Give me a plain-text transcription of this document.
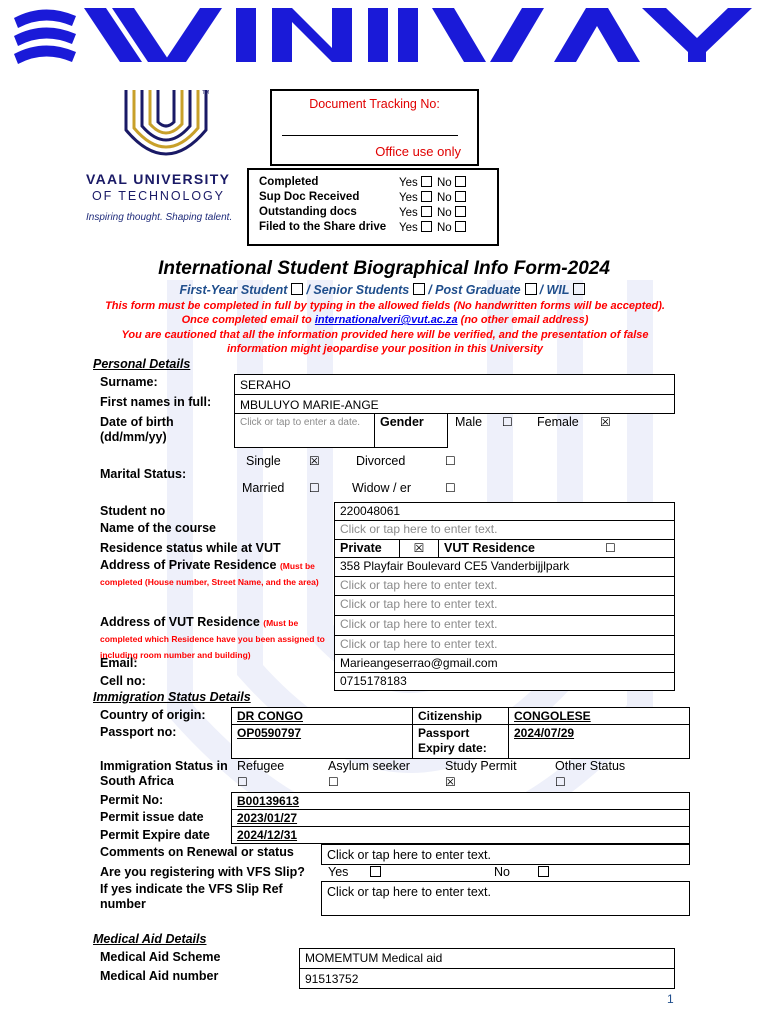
TM
VAAL UNIVERSITY
OF TECHNOLOGY
Inspiring thought. Shaping talent.
Document Tracking No:
Office use only
Completed	Yes	No
Sup Doc Received	Yes	No
Outstanding docs	Yes	No
Filed to the Share drive Yes	No
International Student Biographical Info Form-2024
First-Year Student / Senior Students / Post Graduate / WIL
This form must be completed in full by typing in the allowed fields (No handwritten forms will be accepted). Once completed email to internationalveri@vut.ac.za (no other email address)
You are cautioned that all the information provided here will be verified, and the presentation of false information might jeopardise your position in this University
Personal Details
Surname:	SERAHO
First names in full:	MBULUYO MARIE-ANGE
Date of birth (dd/mm/yy)
Click or tap to enter a date.	Gender	Male ☐ Female ☒
Marital Status:
Single ☒	Divorced	☐
Married ☐	Widow / er	☐
Student no	220048061
Name of the course	Click or tap here to enter text.
Residence status while at VUT	Private	☒	VUT Residence	☐
Address of Private Residence (Must be completed (House number, Street Name, and the area)
358 Playfair Boulevard CE5 Vanderbijjlpark
Click or tap here to enter text.
Click or tap here to enter text.
Address of VUT Residence (Must be completed which Residence have you been assigned to including room number and building)
Click or tap here to enter text.
Click or tap here to enter text.
Email:	Marieangeserrao@gmail.com
Cell no:	0715178183
Immigration Status Details
Country of origin:	DR CONGO	Citizenship	CONGOLESE
Passport no:	OP0590797	Passport Expiry date:
2024/07/29
Immigration Status in South Africa
Refugee
☐
Asylum seeker
☐
Study Permit
☒
Other Status
☐
Permit No:	B00139613
Permit issue date	2023/01/27
Permit Expire date	2024/12/31
Comments on Renewal or status	Click or tap here to enter text.
Are you registering with VFS Slip? Yes	No
If yes indicate the VFS Slip Ref number
Click or tap here to enter text.
Medical Aid Details
Medical Aid Scheme	MOMEMTUM Medical aid
Medical Aid number	91513752
1
